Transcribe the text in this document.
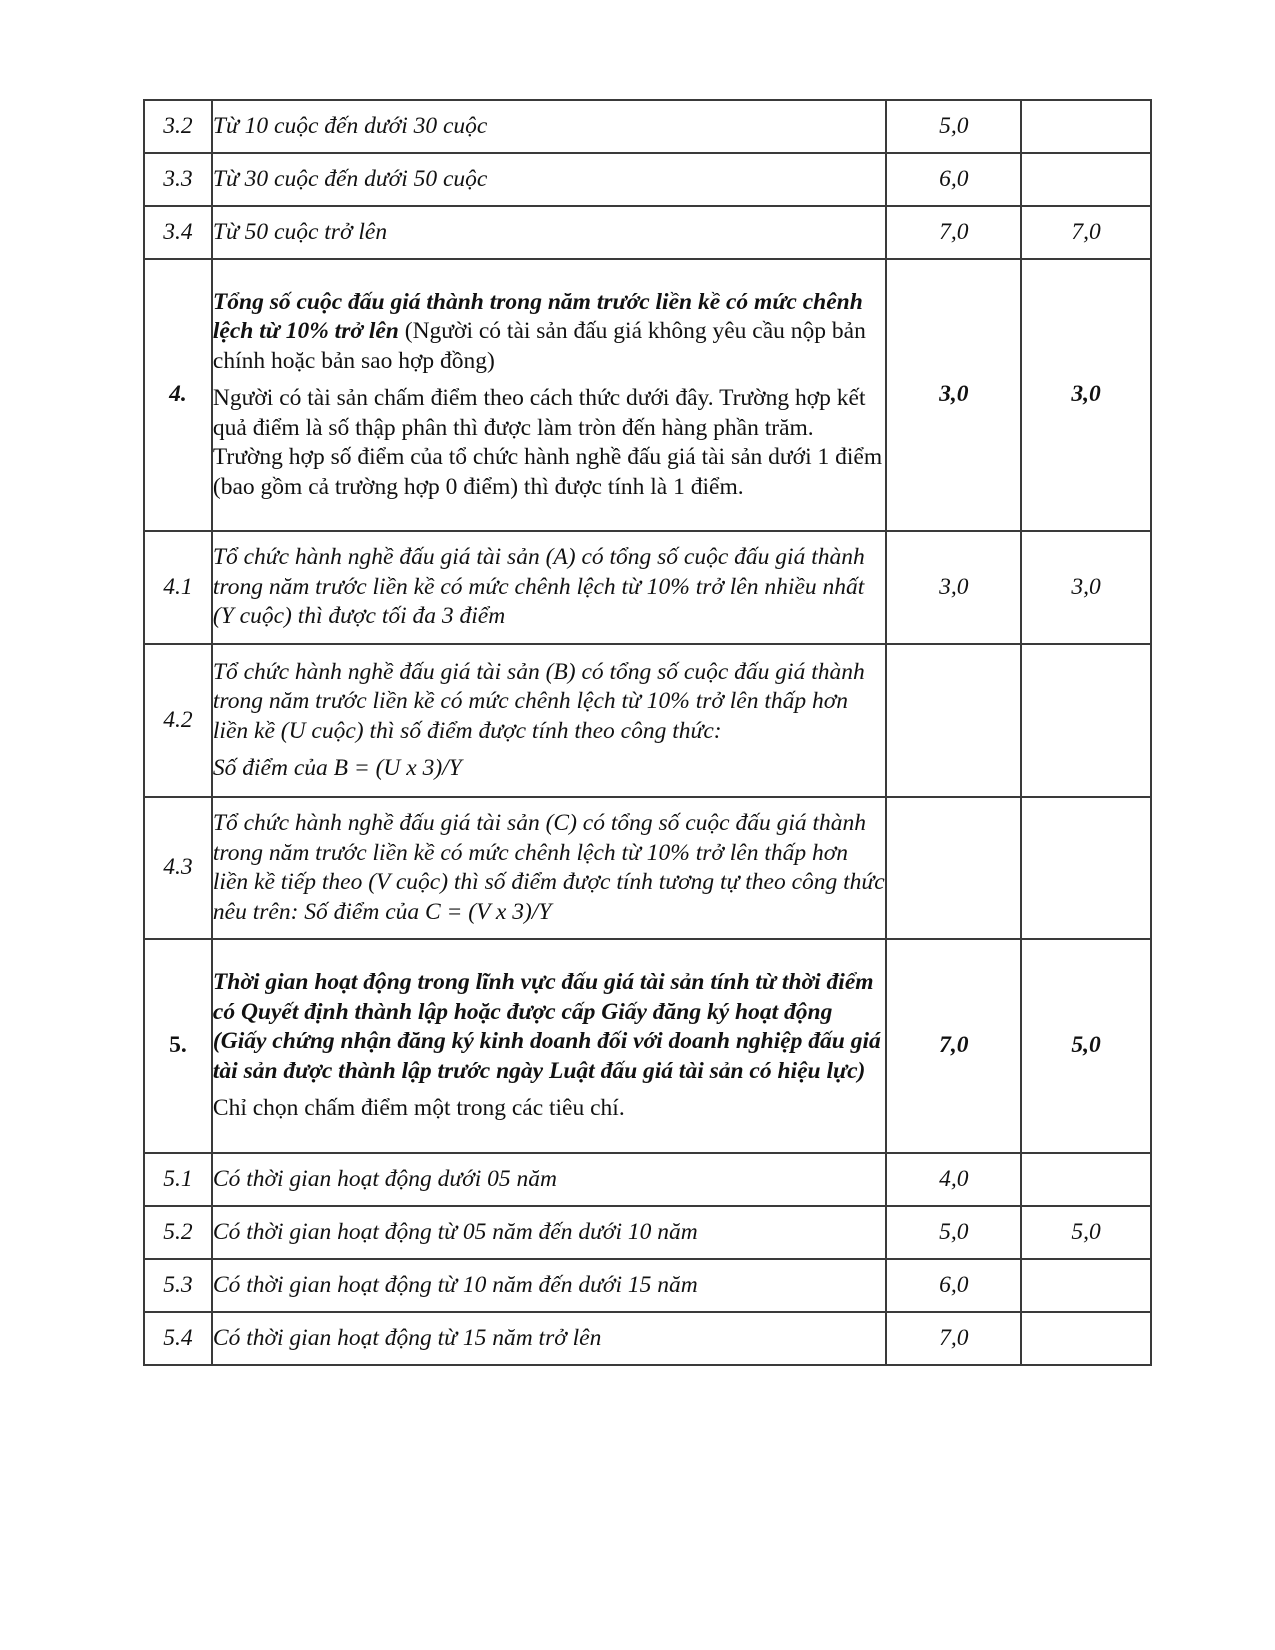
3.2	Từ 10 cuộc đến dưới 30 cuộc	5,0	
3.3	Từ 30 cuộc đến dưới 50 cuộc	6,0	
3.4	Từ 50 cuộc trở lên	7,0	7,0
4.	Tổng số cuộc đấu giá thành trong năm trước liền kề có mức chênh lệch từ 10% trở lên (Người có tài sản đấu giá không yêu cầu nộp bản chính hoặc bản sao hợp đồng)

Người có tài sản chấm điểm theo cách thức dưới đây. Trường hợp kết quả điểm là số thập phân thì được làm tròn đến hàng phần trăm. Trường hợp số điểm của tổ chức hành nghề đấu giá tài sản dưới 1 điểm (bao gồm cả trường hợp 0 điểm) thì được tính là 1 điểm.	3,0	3,0
4.1	Tổ chức hành nghề đấu giá tài sản (A) có tổng số cuộc đấu giá thành trong năm trước liền kề có mức chênh lệch từ 10% trở lên nhiều nhất (Y cuộc) thì được tối đa 3 điểm	3,0	3,0
4.2	Tổ chức hành nghề đấu giá tài sản (B) có tổng số cuộc đấu giá thành trong năm trước liền kề có mức chênh lệch từ 10% trở lên thấp hơn liền kề (U cuộc) thì số điểm được tính theo công thức:

Số điểm của B = (U x 3)/Y		

4.3	Tổ chức hành nghề đấu giá tài sản (C) có tổng số cuộc đấu giá thành trong năm trước liền kề có mức chênh lệch từ 10% trở lên thấp hơn liền kề tiếp theo (V cuộc) thì số điểm được tính tương tự theo công thức nêu trên: Số điểm của C = (V x 3)/Y		
5.	Thời gian hoạt động trong lĩnh vực đấu giá tài sản tính từ thời điểm có Quyết định thành lập hoặc được cấp Giấy đăng ký hoạt động (Giấy chứng nhận đăng ký kinh doanh đối với doanh nghiệp đấu giá tài sản được thành lập trước ngày Luật đấu giá tài sản có hiệu lực)

Chỉ chọn chấm điểm một trong các tiêu chí.	7,0	5,0
5.1	Có thời gian hoạt động dưới 05 năm	4,0	
5.2	Có thời gian hoạt động từ 05 năm đến dưới 10 năm	5,0	5,0
5.3	Có thời gian hoạt động từ 10 năm đến dưới 15 năm	6,0	
5.4	Có thời gian hoạt động từ 15 năm trở lên	7,0	
